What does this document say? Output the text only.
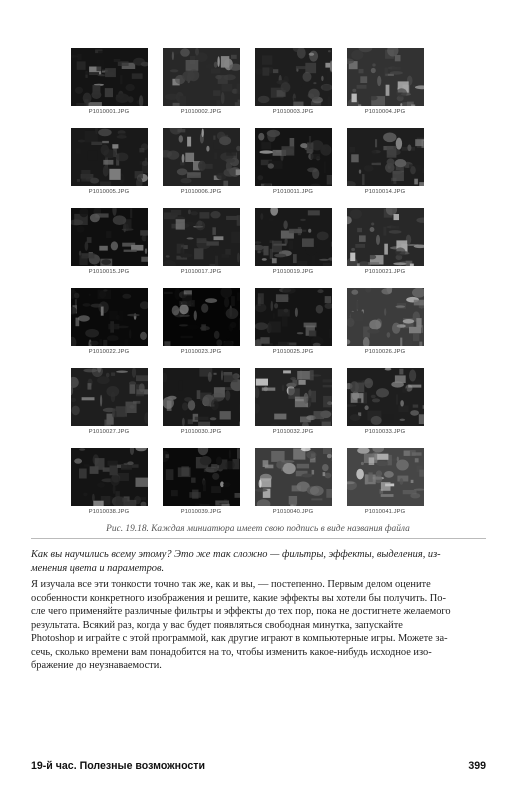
P1010001.JPG	P1010002.JPG	P1010003.JPG	P1010004.JPG
P1010005.JPG	P1010006.JPG	P1010011.JPG	P1010014.JPG
P1010015.JPG	P1010017.JPG	P1010019.JPG	P1010021.JPG
P1010022.JPG	P1010023.JPG	P1010025.JPG	P1010026.JPG
P1010027.JPG	P1010030.JPG	P1010032.JPG	P1010033.JPG
P1010038.JPG	P1010039.JPG	P1010040.JPG	P1010041.JPG
Рис. 19.18. Каждая миниатюра имеет свою подпись в виде названия файла
Как вы научились всему этому? Это же так сложно — фильтры, эффекты, выделения, из-
менения цвета и параметров.
Я изучала все эти тонкости точно так же, как и вы, — постепенно. Первым делом оцените
особенности конкретного изображения и решите, какие эффекты вы хотели бы получить. По-
сле чего применяйте различные фильтры и эффекты до тех пор, пока не достигнете желаемого
результата. Всякий раз, когда у вас будет появляться свободная минутка, запускайте
Photoshop и играйте с этой программой, как другие играют в компьютерные игры. Можете за-
сечь, сколько времени вам понадобится на то, чтобы изменить какое-нибудь исходное изо-
бражение до неузнаваемости.
19-й час. Полезные возможности	399
